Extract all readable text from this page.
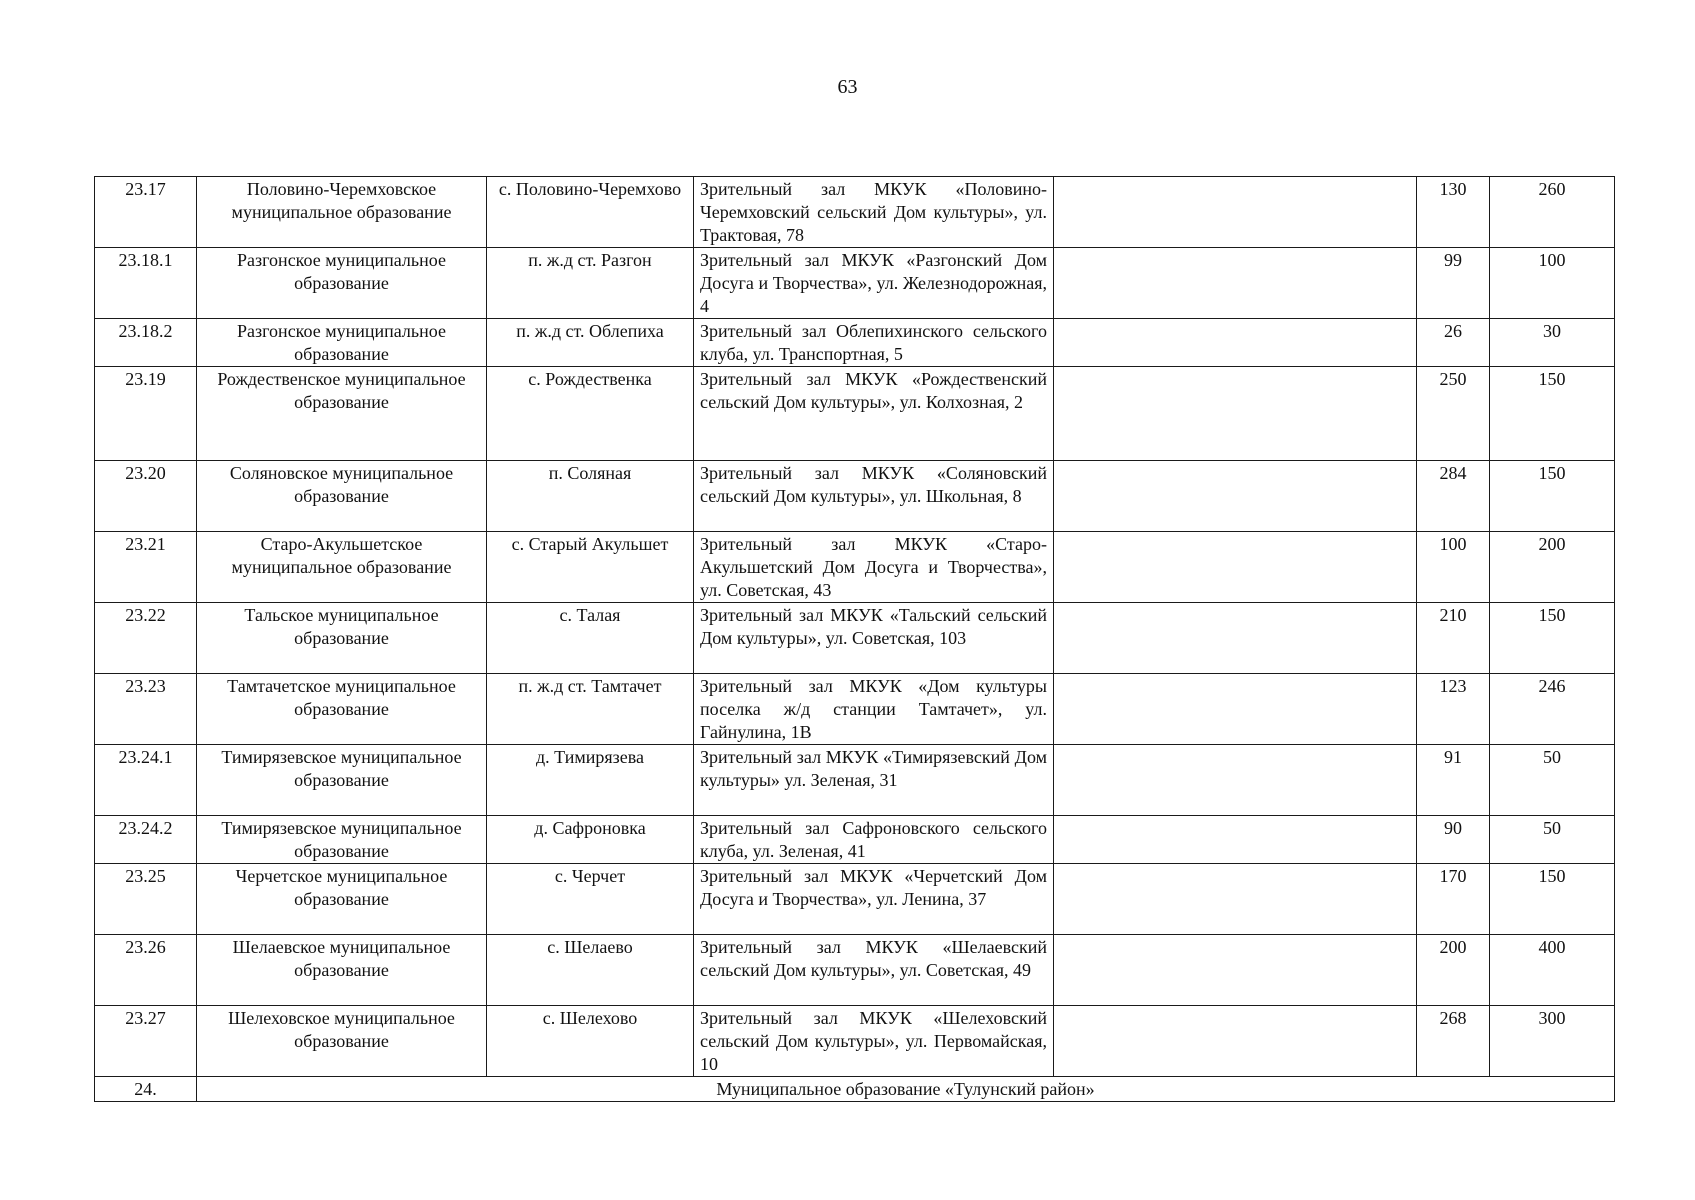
63
23.17	Половино-Черемховское муниципальное образование	с. Половино-Черемхово	Зрительный зал МКУК «Половино-Черемховский сельский Дом культуры», ул. Трактовая, 78		130	260
23.18.1	Разгонское муниципальное образование	п. ж.д ст. Разгон	Зрительный зал МКУК «Разгонский Дом Досуга и Творчества», ул. Железнодорожная, 4		99	100
23.18.2	Разгонское муниципальное образование	п. ж.д ст. Облепиха	Зрительный зал Облепихинского сельского клуба, ул. Транспортная, 5		26	30
23.19	Рождественское муниципальное образование	с. Рождественка	Зрительный зал МКУК «Рождественский сельский Дом культуры», ул. Колхозная, 2		250	150
23.20	Соляновское муниципальное образование	п. Соляная	Зрительный зал МКУК «Соляновский сельский Дом культуры», ул. Школьная, 8		284	150
23.21	Старо-Акульшетское муниципальное образование	с. Старый Акульшет	Зрительный зал МКУК «Старо-Акульшетский Дом Досуга и Творчества», ул. Советская, 43		100	200
23.22	Тальское муниципальное образование	с. Талая	Зрительный зал МКУК «Тальский сельский Дом культуры», ул. Советская, 103		210	150
23.23	Тамтачетское муниципальное образование	п. ж.д ст. Тамтачет	Зрительный зал МКУК «Дом культуры поселка ж/д станции Тамтачет», ул. Гайнулина, 1В		123	246
23.24.1	Тимирязевское муниципальное образование	д. Тимирязева	Зрительный зал МКУК «Тимирязевский Дом культуры» ул. Зеленая, 31		91	50
23.24.2	Тимирязевское муниципальное образование	д. Сафроновка	Зрительный зал Сафроновского сельского клуба, ул. Зеленая, 41		90	50
23.25	Черчетское муниципальное образование	с. Черчет	Зрительный зал МКУК «Черчетский Дом Досуга и Творчества», ул. Ленина, 37		170	150
23.26	Шелаевское муниципальное образование	с. Шелаево	Зрительный зал МКУК «Шелаевский сельский Дом культуры», ул. Советская, 49		200	400
23.27	Шелеховское муниципальное образование	с. Шелехово	Зрительный зал МКУК «Шелеховский сельский Дом культуры», ул. Первомайская, 10		268	300
24.	Муниципальное образование «Тулунский район»					
